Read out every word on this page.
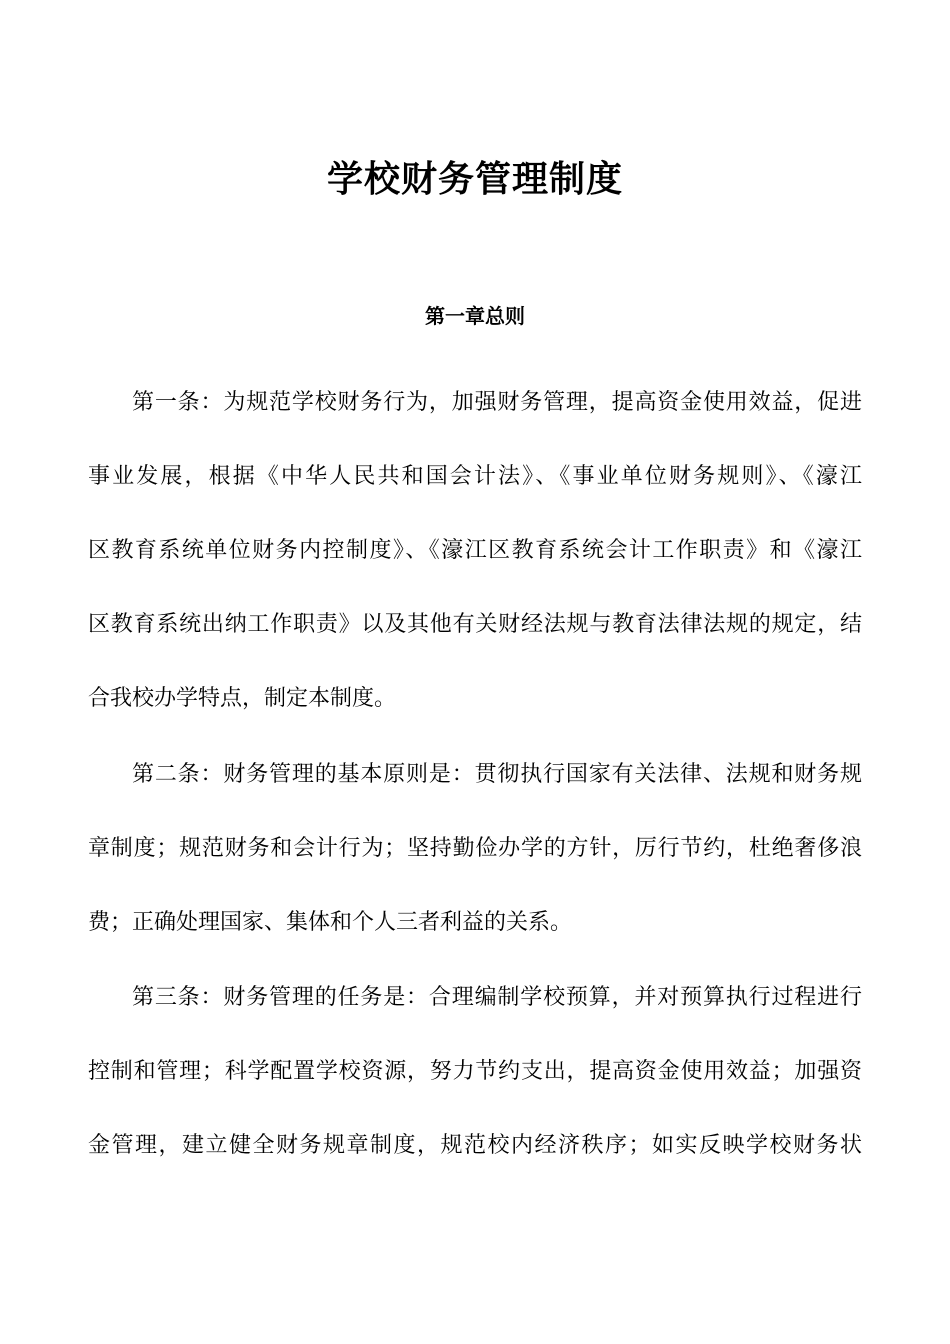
学校财务管理制度
第一章总则
第一条：为规范学校财务行为，加强财务管理，提高资金使用效益，促进
事业发展，根据《中华人民共和国会计法》、《事业单位财务规则》、《濠江
区教育系统单位财务内控制度》、《濠江区教育系统会计工作职责》和《濠江
区教育系统出纳工作职责》以及其他有关财经法规与教育法律法规的规定，结
合我校办学特点，制定本制度。
第二条：财务管理的基本原则是：贯彻执行国家有关法律、法规和财务规
章制度；规范财务和会计行为；坚持勤俭办学的方针，厉行节约，杜绝奢侈浪
费；正确处理国家、集体和个人三者利益的关系。
第三条：财务管理的任务是：合理编制学校预算，并对预算执行过程进行
控制和管理；科学配置学校资源，努力节约支出，提高资金使用效益；加强资
金管理，建立健全财务规章制度，规范校内经济秩序；如实反映学校财务状
